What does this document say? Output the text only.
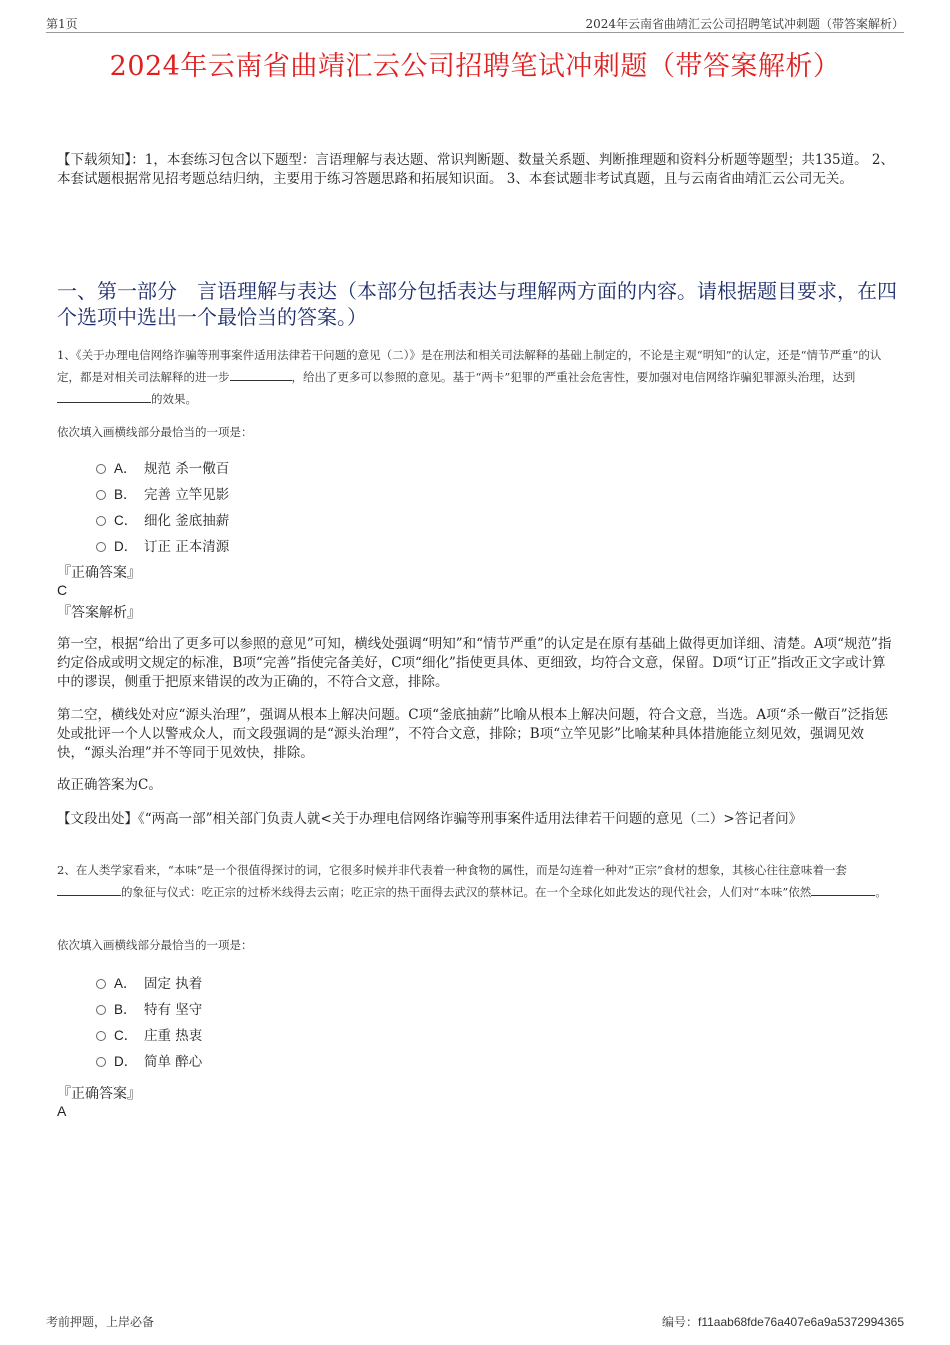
第1页	2024年云南省曲靖汇云公司招聘笔试冲刺题（带答案解析）
2024年云南省曲靖汇云公司招聘笔试冲刺题（带答案解析）
【下载须知】：1，本套练习包含以下题型：言语理解与表达题、常识判断题、数量关系题、判断推理题和资料分析题等题型；共135道。 2、本套试题根据常见招考题总结归纳，主要用于练习答题思路和拓展知识面。 3、本套试题非考试真题，且与云南省曲靖汇云公司无关。
一、第一部分　言语理解与表达（本部分包括表达与理解两方面的内容。请根据题目要求，在四个选项中选出一个最恰当的答案。）
1、《关于办理电信网络诈骗等刑事案件适用法律若干问题的意见（二）》是在刑法和相关司法解释的基础上制定的，不论是主观“明知”的认定，还是“情节严重”的认定，都是对相关司法解释的进一步	，给出了更多可以参照的意见。基于“两卡”犯罪的严重社会危害性，要加强对电信网络诈骗犯罪源头治理，达到的效果。
依次填入画横线部分最恰当的一项是：
A． 规范 杀一儆百
B． 完善 立竿见影
C． 细化 釜底抽薪
D． 订正 正本清源
『正确答案』
C
『答案解析』
第一空，根据“给出了更多可以参照的意见”可知，横线处强调“明知”和“情节严重”的认定是在原有基础上做得更加详细、清楚。A项“规范”指约定俗成或明文规定的标准，B项“完善”指使完备美好，C项“细化”指使更具体、更细致，均符合文意，保留。D项“订正”指改正文字或计算中的谬误，侧重于把原来错误的改为正确的，不符合文意，排除。
第二空，横线处对应“源头治理”，强调从根本上解决问题。C项“釜底抽薪”比喻从根本上解决问题，符合文意，当选。A项“杀一儆百”泛指惩处或批评一个人以警戒众人，而文段强调的是“源头治理”，不符合文意，排除；B项“立竿见影”比喻某种具体措施能立刻见效，强调见效快，“源头治理”并不等同于见效快，排除。
故正确答案为C。
【文段出处】《“两高一部”相关部门负责人就<关于办理电信网络诈骗等刑事案件适用法律若干问题的意见（二）>答记者问》
2、在人类学家看来，“本味”是一个很值得探讨的词，它很多时候并非代表着一种食物的属性，而是勾连着一种对“正宗”食材的想象，其核心往往意味着一套的象征与仪式：吃正宗的过桥米线得去云南；吃正宗的热干面得去武汉的蔡林记。在一个全球化如此发达的现代社会，人们对“本味”依然	。
依次填入画横线部分最恰当的一项是：
A． 固定 执着
B． 特有 坚守
C． 庄重 热衷
D． 简单 醉心
『正确答案』
A
考前押题，上岸必备	编号：f11aab68fde76a407e6a9a5372994365
